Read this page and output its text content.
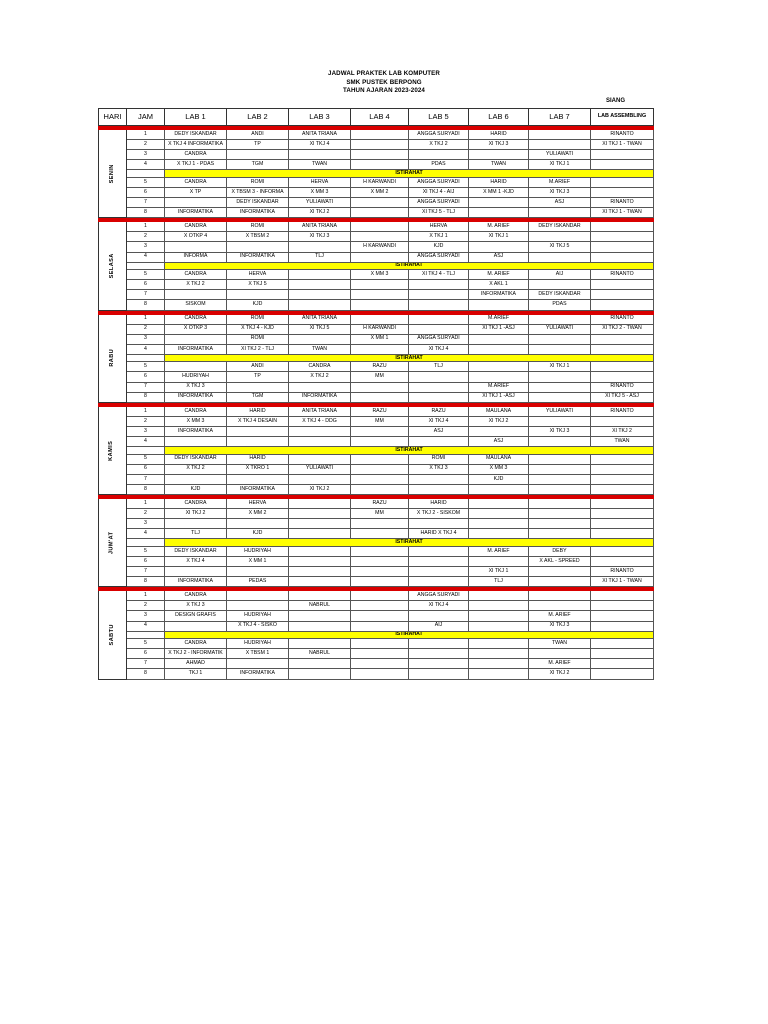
JADWAL PRAKTEK LAB KOMPUTER
SMK PUSTEK BERPONG
TAHUN AJARAN 2023-2024
SIANG
HARI	JAM	LAB 1	LAB 2	LAB 3	LAB 4	LAB 5	LAB 6	LAB 7	LAB ASSEMBLING

SENIN	1	DEDY ISKANDAR	ANDI	ANITA TRIANA		ANGGA SURYADI	HARID		RINANTO
	2	X TKJ 4 INFORMATIKA	TP	XI TKJ 4		X TKJ 2	XI TKJ 3		XI TKJ 1 - TWAN
	3	CANDRA						YULIAWATI	
	4	X TKJ 1 - PDAS	TGM	TWAN		PDAS	TWAN	XI TKJ 1	
		ISTIRAHAT							
	5	CANDRA	ROMI	HERVA	H KARWANDI	ANGGA SURYADI	HARID	M.ARIEF	
	6	X TP	X TBSM 3 - INFORMA	X MM 3	X MM 2	XI TKJ 4 - AIJ	X MM 1 -KJD	XI TKJ 3	
	7		DEDY ISKANDAR	YULIAWATI		ANGGA SURYADI		ASJ	RINANTO
	8	INFORMATIKA	INFORMATIKA	XI TKJ 2		XI TKJ 5 - TLJ			XI TKJ 1 - TWAN

SELASA	1	CANDRA	ROMI	ANITA TRIANA		HERVA	M. ARIEF	DEDY ISKANDAR	
	2	X OTKP 4	X TBSM 2	XI TKJ 3		X TKJ 1	XI TKJ 1		
	3				H KARWANDI	KJD		XI TKJ 5	
	4	INFORMA	INFORMATIKA	TLJ		ANGGA SURYADI	ASJ		
		ISTIRAHAT							
	5	CANDRA	HERVA		X MM 3	XI TKJ 4 - TLJ	M. ARIEF	AIJ	RINANTO
	6	X TKJ 2	X TKJ 5				X AKL 1		
	7						INFORMATIKA	DEDY ISKANDAR	
	8	SISKOM	KJD					PDAS	

RABU	1	CANDRA	ROMI	ANITA TRIANA			M.ARIEF		RINANTO
	2	X OTKP 3	X TKJ 4 - KJD	XI TKJ 5	H KARWANDI		XI TKJ 1 -ASJ	YULIAWATI	XI TKJ 2 - TWAN
	3		ROMI		X MM 1	ANGGA SURYADI			
	4	INFORMATIKA	XI TKJ 2 - TLJ	TWAN		XI TKJ 4			
		ISTIRAHAT							
	5		ANDI	CANDRA	RAZU	TLJ		XI TKJ 1	
	6	HUDRIYAH	TP	X TKJ 2	MM				
	7	X TKJ 3					M.ARIEF		RINANTO
	8	INFORMATIKA	TGM	INFORMATIKA			XI TKJ 1 -ASJ		XI TKJ 5 - ASJ

KAMIS	1	CANDRA	HARID	ANITA TRIANA	RAZU	RAZU	MAULANA	YULIAWATI	RINANTO
	2	X MM 3	X TKJ 4 DESAIN	X TKJ 4 - DDG	MM	XI TKJ 4	XI TKJ 2		
	3	INFORMATIKA				ASJ		XI TKJ 3	XI TKJ 2
	4						ASJ		TWAN
		ISTIRAHAT							
	5	DEDY ISKANDAR	HARID			ROMI	MAULANA		
	6	X TKJ 2	X TKRO 1	YULIAWATI		X TKJ 3	X MM 3		
	7						KJD		
	8	KJD	INFORMATIKA	XI TKJ 2					

JUM'AT	1	CANDRA	HERVA		RAZU	HARID			
	2	XI TKJ 2	X MM 2		MM	X TKJ 2 - SISKOM			
	3								
	4	TLJ	KJD			HARID X TKJ 4			
		ISTIRAHAT							
	5	DEDY ISKANDAR	HUDRIYAH				M. ARIEF	DEBY	
	6	X TKJ 4	X MM 1					X AKL - SPREED	
	7						XI TKJ 1		RINANTO
	8	INFORMATIKA	PEDAS				TLJ		XI TKJ 1 - TWAN

SABTU	1	CANDRA				ANGGA SURYADI			
	2	X TKJ 3		NABRUL		XI TKJ 4			
	3	DESIGN GRAFIS	HUDRIYAH					M. ARIEF	
	4		X TKJ 4 - SISKO			AIJ		XI TKJ 3	
		ISTIRAHAT							
	5	CANDRA	HUDRIYAH					TWAN	
	6	X TKJ 2 - INFORMATIK	X TBSM 1	NABRUL					
	7	AHMAD						M. ARIEF	
	8	TKJ 1	INFORMATIKA					XI TKJ 2	
